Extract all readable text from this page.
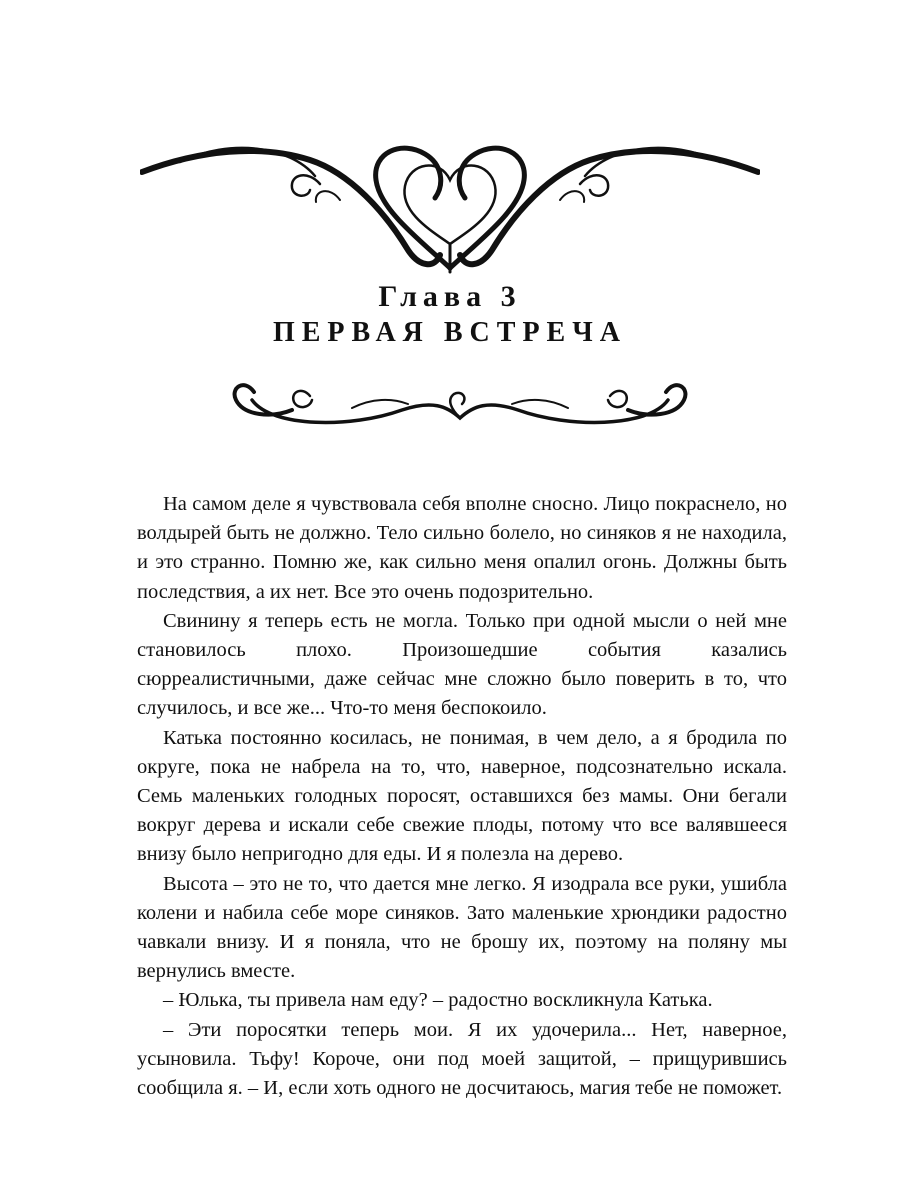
Глава 3
ПЕРВАЯ ВСТРЕЧА

На самом деле я чувствовала себя вполне сносно. Лицо покраснело, но волдырей быть не должно. Тело сильно болело, но синяков я не находила, и это странно. Помню же, как сильно меня опалил огонь. Должны быть последствия, а их нет. Все это очень подозрительно.

Свинину я теперь есть не могла. Только при одной мысли о ней мне становилось плохо. Произошедшие события казались сюрреалистичными, даже сейчас мне сложно было поверить в то, что случилось, и все же... Что-то меня беспокоило.

Катька постоянно косилась, не понимая, в чем дело, а я бродила по округе, пока не набрела на то, что, наверное, подсознательно искала. Семь маленьких голодных поросят, оставшихся без мамы. Они бегали вокруг дерева и искали себе свежие плоды, потому что все валявшееся внизу было непригодно для еды. И я полезла на дерево.

Высота – это не то, что дается мне легко. Я изодрала все руки, ушибла колени и набила себе море синяков. Зато маленькие хрюндики радостно чавкали внизу. И я поняла, что не брошу их, поэтому на поляну мы вернулись вместе.

– Юлька, ты привела нам еду? – радостно воскликнула Катька.

– Эти поросятки теперь мои. Я их удочерила... Нет, наверное, усыновила. Тьфу! Короче, они под моей защитой, – прищурившись сообщила я. – И, если хоть одного не досчитаюсь, магия тебе не поможет.
